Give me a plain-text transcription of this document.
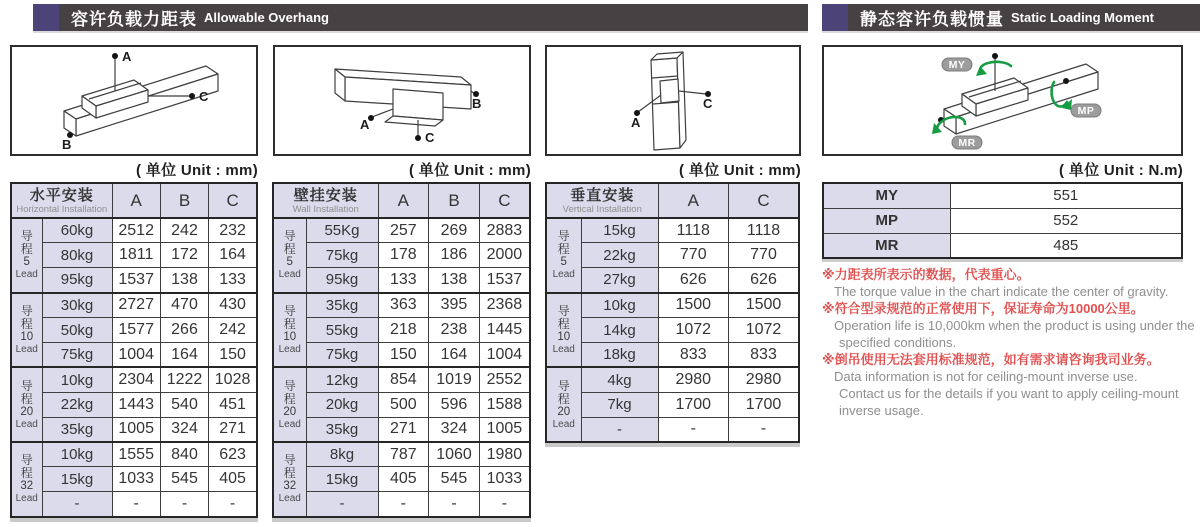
容许负载力距表 Allowable Overhang	静态容许负载惯量 Static Loading Moment
A
C
B
A
C
B
A
C
MY
MP
MR
( 单位 Unit : mm)	( 单位 Unit : mm)	( 单位 Unit : mm)	( 单位 Unit : N.m)
水平安装
Horizontal Installation		A	B	C

导
程
5
Lead	60kg	2512	242	232
	80kg	1811	172	164
	95kg	1537	138	133

导
程
10
Lead	30kg	2727	470	430
	50kg	1577	266	242
	75kg	1004	164	150

导
程
20
Lead	10kg	2304	1222	1028
	22kg	1443	540	451
	35kg	1005	324	271

导
程
32
Lead	10kg	1555	840	623
	15kg	1033	545	405
	-	-	-	-
壁挂安装
Wall Installation		A	B	C

导
程
5
Lead	55Kg	257	269	2883
	75kg	178	186	2000
	95kg	133	138	1537

导
程
10
Lead	35kg	363	395	2368
	55kg	218	238	1445
	75kg	150	164	1004

导
程
20
Lead	12kg	854	1019	2552
	20kg	500	596	1588
	35kg	271	324	1005

导
程
32
Lead	8kg	787	1060	1980
	15kg	405	545	1033
	-	-	-	-
垂直安装
Vertical Installation		A	C

导
程
5
Lead	15kg	1118	1118
	22kg	770	770
	27kg	626	626

导
程
10
Lead	10kg	1500	1500
	14kg	1072	1072
	18kg	833	833

导
程
20
Lead	4kg	2980	2980
	7kg	1700	1700
	-	-	-
MY	551
MP	552
MR	485
※力距表所表示的数据，代表重心。
The torque value in the chart indicate the center of gravity.
※符合型录规范的正常使用下，保证寿命为10000公里。
Operation life is 10,000km when the product is using under the
specified conditions.
※倒吊使用无法套用标准规范，如有需求请咨询我司业务。
Data information is not for ceiling-mount inverse use.
Contact us for the details if you want to apply ceiling-mount
inverse usage.
